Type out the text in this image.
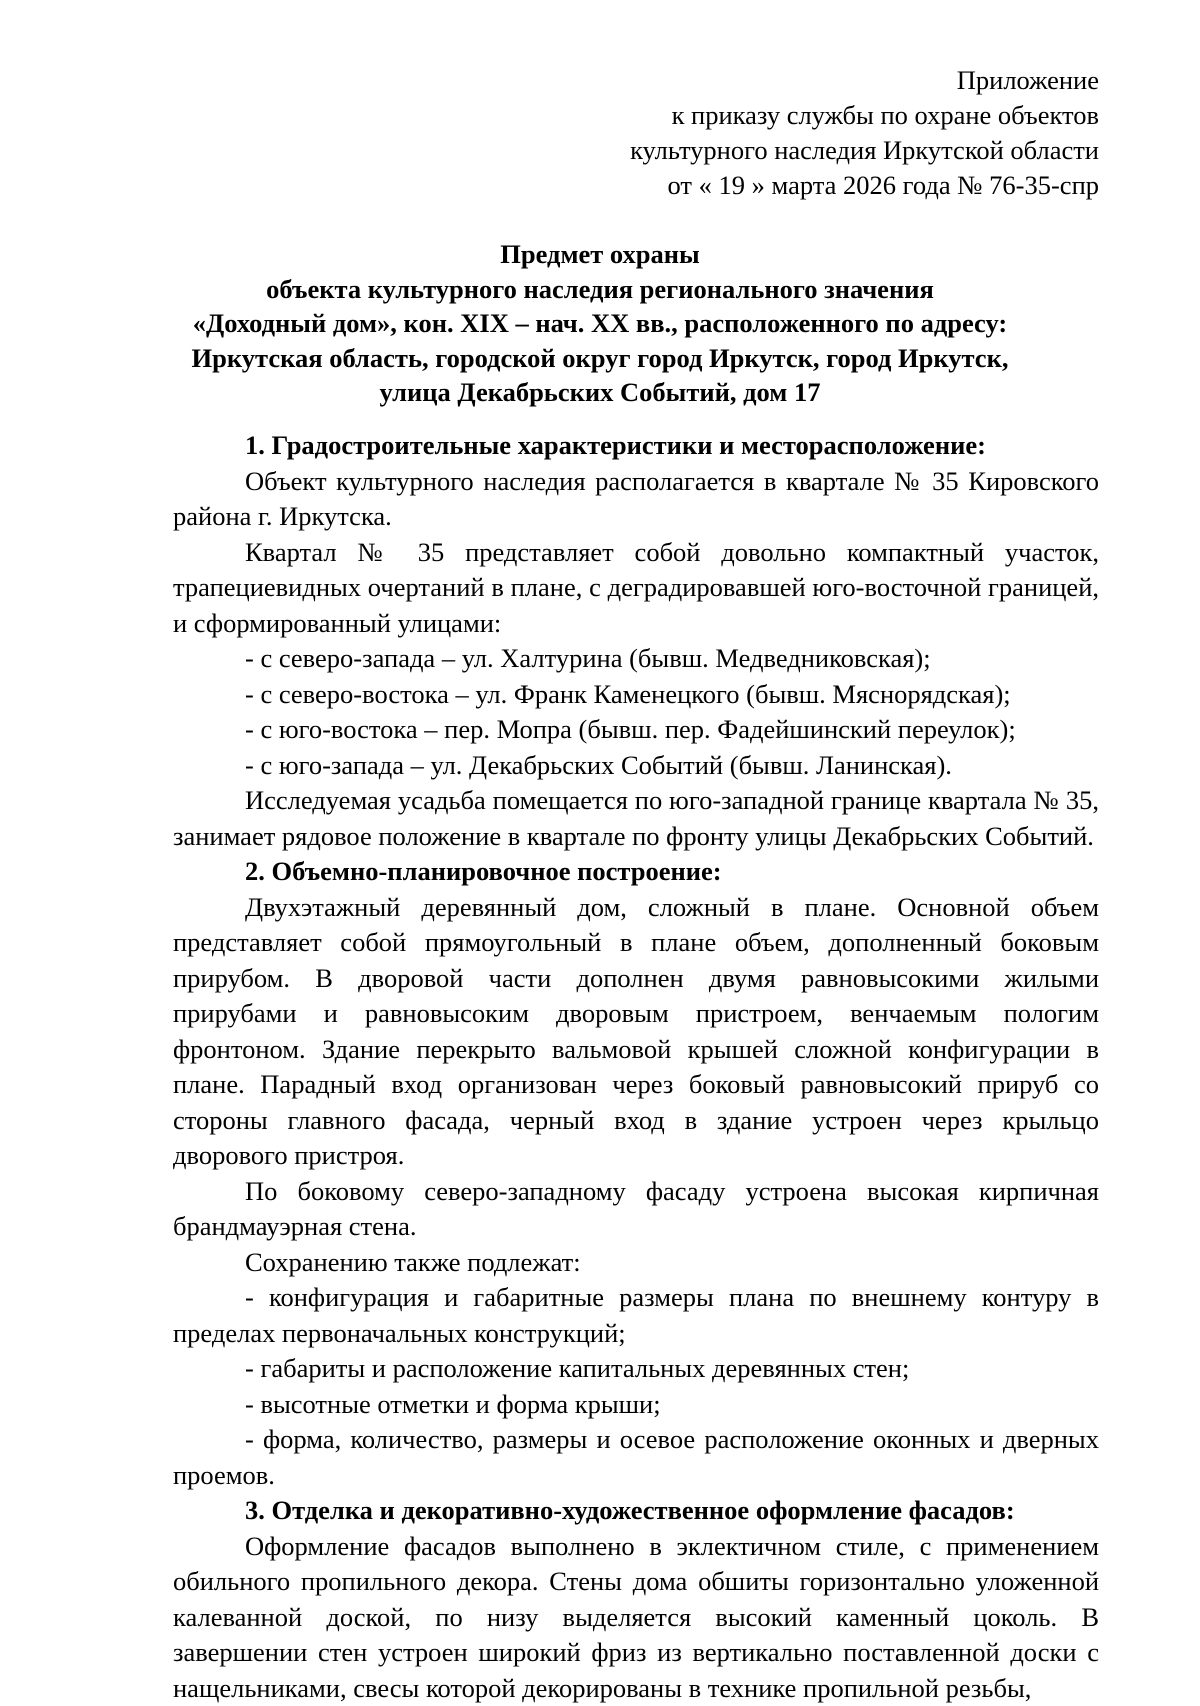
Приложение
к приказу службы по охране объектов
культурного наследия Иркутской области
от « 19 » марта 2026 года № 76-35-спр
Предмет охраны
объекта культурного наследия регионального значения
«Доходный дом», кон. XIX – нач. XX вв., расположенного по адресу:
Иркутская область, городской округ город Иркутск, город Иркутск,
улица Декабрьских Событий, дом 17

1. Градостроительные характеристики и месторасположение:

Объект культурного наследия располагается в квартале № 35 Кировского района г. Иркутска.

Квартал № 35 представляет собой довольно компактный участок, трапециевидных очертаний в плане, с деградировавшей юго-восточной границей, и сформированный улицами:

- с северо-запада – ул. Халтурина (бывш. Медведниковская);

- с северо-востока – ул. Франк Каменецкого (бывш. Мяснорядская);

- с юго-востока – пер. Мопра (бывш. пер. Фадейшинский переулок);

- с юго-запада – ул. Декабрьских Событий (бывш. Ланинская).

Исследуемая усадьба помещается по юго-западной границе квартала № 35, занимает рядовое положение в квартале по фронту улицы Декабрьских Событий.

2. Объемно-планировочное построение:

Двухэтажный деревянный дом, сложный в плане. Основной объем представляет собой прямоугольный в плане объем, дополненный боковым прирубом. В дворовой части дополнен двумя равновысокими жилыми прирубами и равновысоким дворовым пристроем, венчаемым пологим фронтоном. Здание перекрыто вальмовой крышей сложной конфигурации в плане. Парадный вход организован через боковый равновысокий прируб со стороны главного фасада, черный вход в здание устроен через крыльцо дворового пристроя.

По боковому северо-западному фасаду устроена высокая кирпичная брандмауэрная стена.

Сохранению также подлежат:

- конфигурация и габаритные размеры плана по внешнему контуру в пределах первоначальных конструкций;

- габариты и расположение капитальных деревянных стен;

- высотные отметки и форма крыши;

- форма, количество, размеры и осевое расположение оконных и дверных проемов.

3. Отделка и декоративно-художественное оформление фасадов:

Оформление фасадов выполнено в эклектичном стиле, с применением обильного пропильного декора. Стены дома обшиты горизонтально уложенной калеванной доской, по низу выделяется высокий каменный цоколь. В завершении стен устроен широкий фриз из вертикально поставленной доски с нащельниками, свесы которой декорированы в технике пропильной резьбы,
